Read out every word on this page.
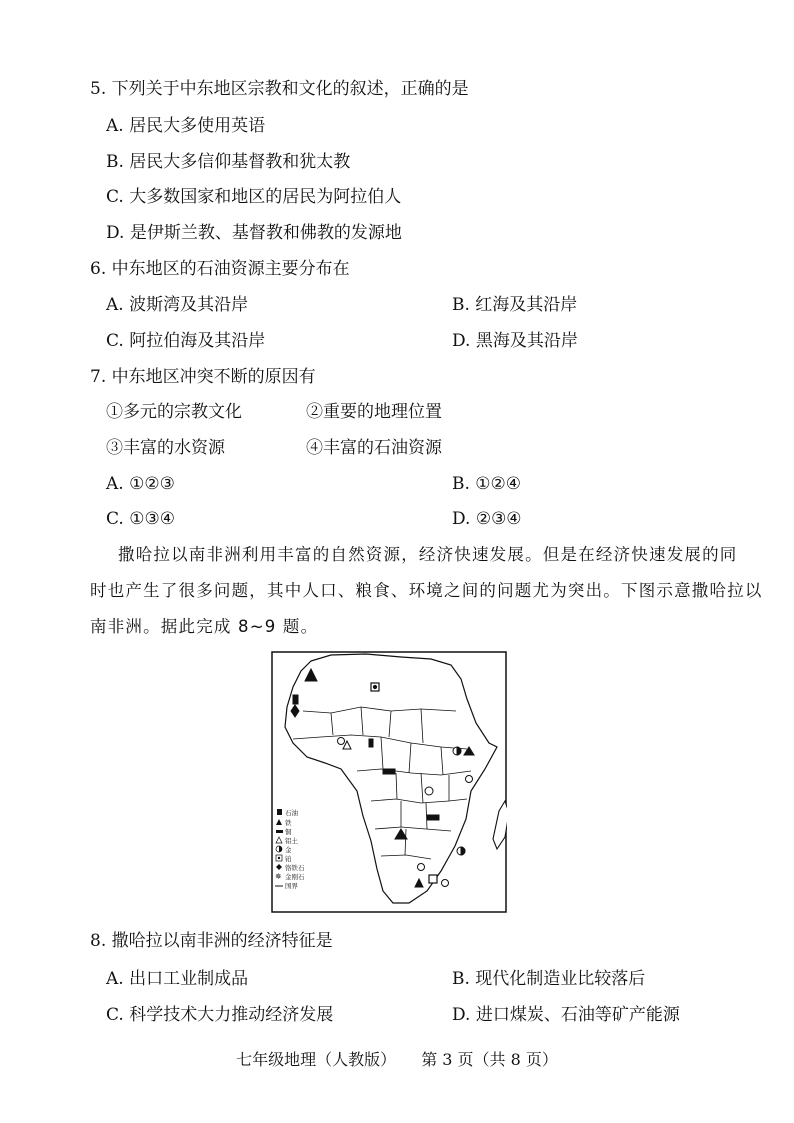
5. 下列关于中东地区宗教和文化的叙述，正确的是
A. 居民大多使用英语
B. 居民大多信仰基督教和犹太教
C. 大多数国家和地区的居民为阿拉伯人
D. 是伊斯兰教、基督教和佛教的发源地
6. 中东地区的石油资源主要分布在
A. 波斯湾及其沿岸	B. 红海及其沿岸
C. 阿拉伯海及其沿岸	D. 黑海及其沿岸
7. 中东地区冲突不断的原因有
①多元的宗教文化	②重要的地理位置
③丰富的水资源	④丰富的石油资源
A. ①②③	B. ①②④
C. ①③④	D. ②③④
撒哈拉以南非洲利用丰富的自然资源，经济快速发展。但是在经济快速发展的同
时也产生了很多问题，其中人口、粮食、环境之间的问题尤为突出。下图示意撒哈拉以
南非洲。据此完成 8~9 题。
石油
铁
铜
铝土
金
铂
铬铁石
✵ 金刚石
国界
8. 撒哈拉以南非洲的经济特征是
A. 出口工业制成品	B. 现代化制造业比较落后
C. 科学技术大力推动经济发展	D. 进口煤炭、石油等矿产能源
七年级地理（人教版） 第 3 页（共 8 页）
